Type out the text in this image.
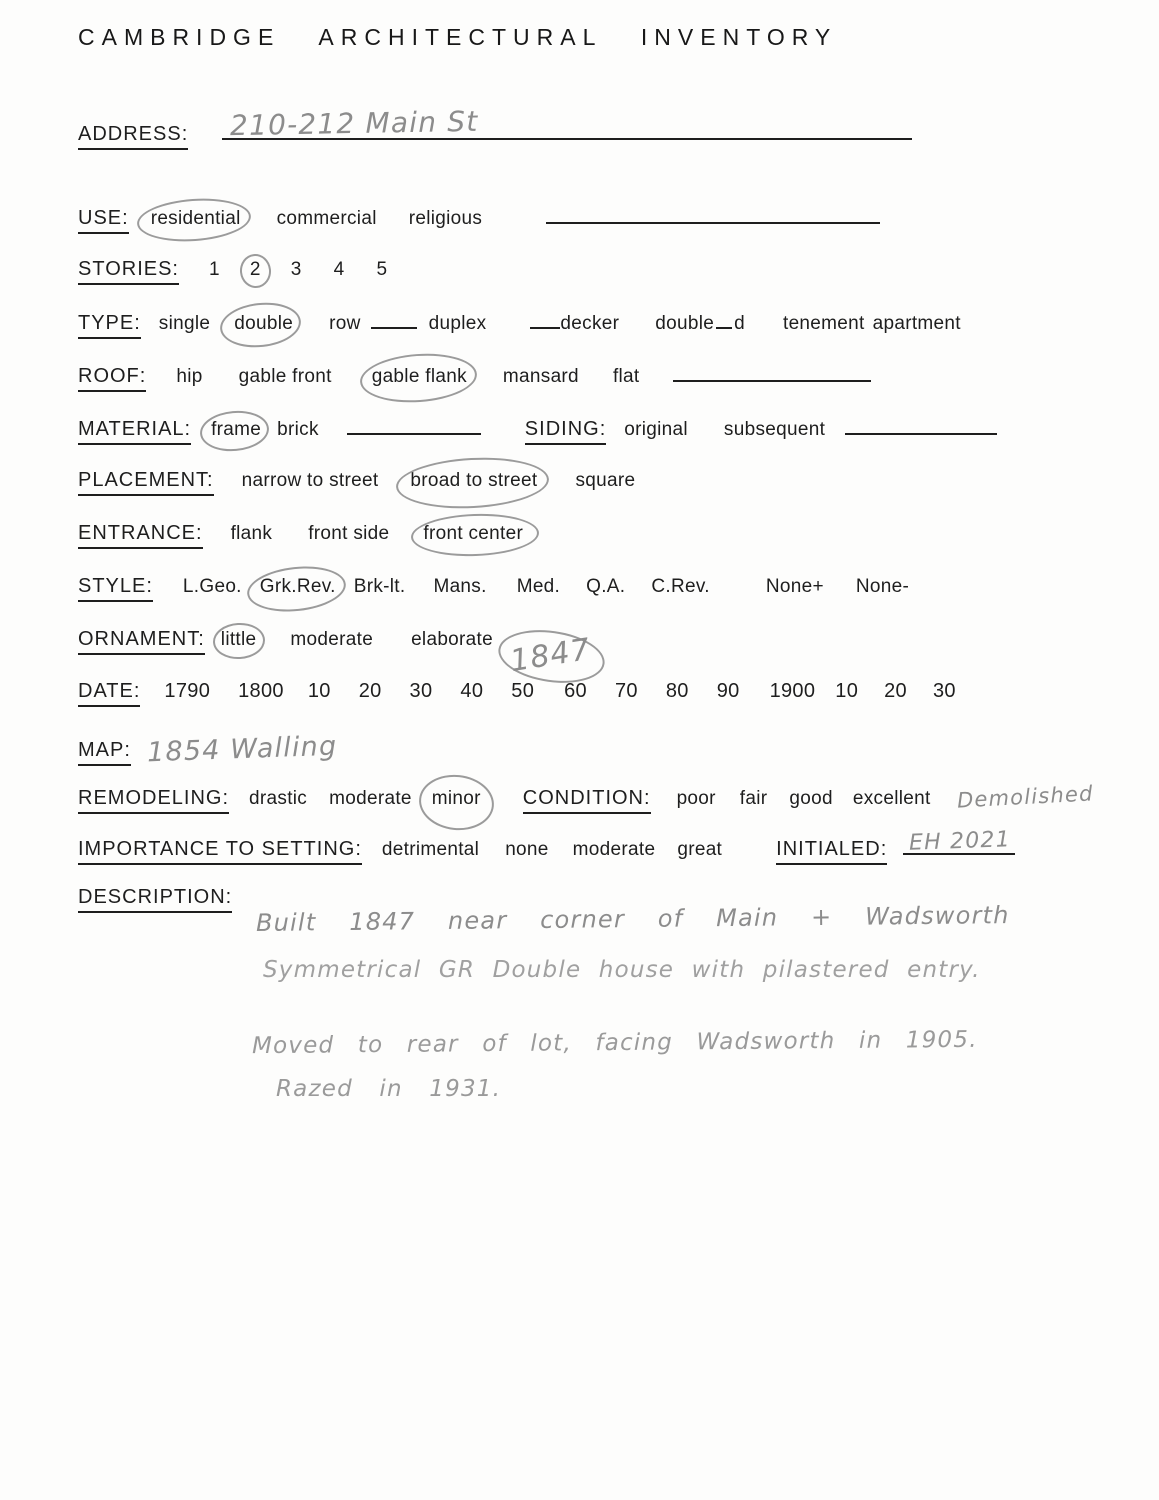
CAMBRIDGE ARCHITECTURAL INVENTORY
ADDRESS: 210-212 Main St
USE: residential commercial religious
STORIES: 1 2 3 4 5
TYPE: single double row	duplex	decker double d tenement apartment
ROOF: hip gable front gable flank mansard flat
MATERIAL: frame brick	SIDING: original subsequent
PLACEMENT: narrow to street broad to street square
ENTRANCE: flank front side front center
STYLE: L.Geo. Grk.Rev. Brk-lt. Mans. Med. Q.A. C.Rev.	None+ None-
ORNAMENT: little moderate elaborate 1847
DATE: 1790 1800 10 20 30 40 50 60 70 80 90 1900 10 20 30
MAP: 1854 Walling
REMODELING: drastic moderate minor CONDITION: poor fair good excellent Demolished
IMPORTANCE TO SETTING: detrimental none moderate great	INITIALED: EH 2021
DESCRIPTION:
Built 1847 near corner of Main + Wadsworth
Symmetrical GR Double house with pilastered entry.
Moved to rear of lot, facing Wadsworth in 1905.
Razed in 1931.
